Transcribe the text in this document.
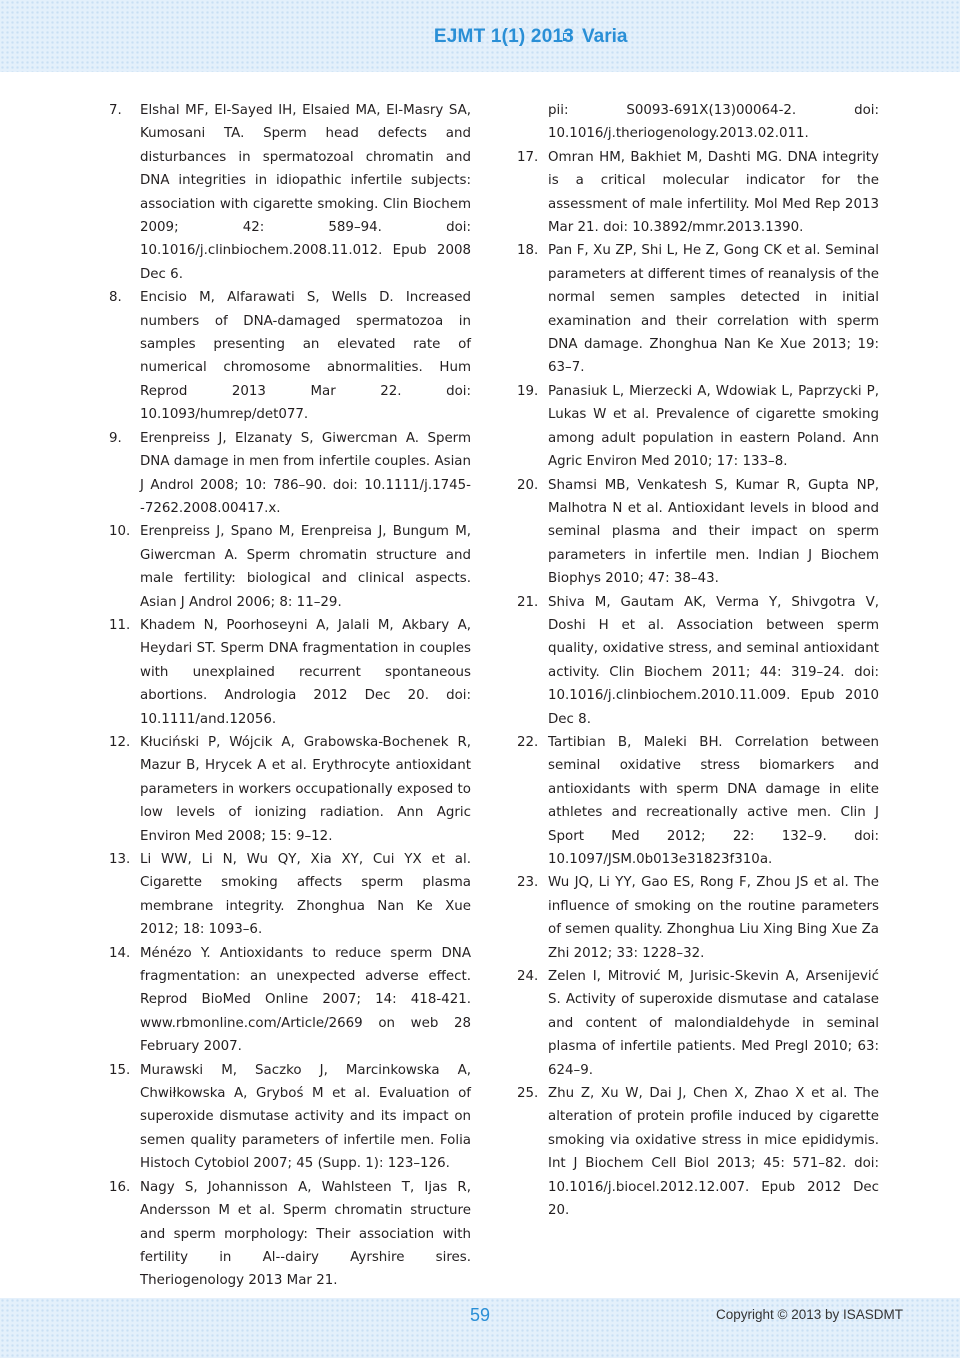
EJMT 1(1) 2013 Varia
7.	Elshal MF, El-Sayed IH, Elsaied MA, El-Masry SA, Kumosani TA. Sperm head defects and disturbances in spermatozoal chromatin and DNA integrities in idiopathic infertile subjects: association with cigarette smoking. Clin Biochem 2009; 42: 589–94. doi: 10.1016/j.clinbiochem.2008.11.012. Epub 2008 Dec 6.
8.	Encisio M, Alfarawati S, Wells D. Increased numbers of DNA-damaged spermatozoa in samples presenting an elevated rate of numerical chromosome abnormalities. Hum Reprod 2013 Mar 22. doi: 10.1093/humrep/det077.
9.	Erenpreiss J, Elzanaty S, Giwercman A. Sperm DNA damage in men from infertile couples. Asian J Androl 2008; 10: 786–90. doi: 10.1111/j.1745--7262.2008.00417.x.
10. Erenpreiss J, Spano M, Erenpreisa J, Bungum M, Giwercman A. Sperm chromatin structure and male fertility: biological and clinical aspects. Asian J Androl 2006; 8: 11–29.
11. Khadem N, Poorhoseyni A, Jalali M, Akbary A, Heydari ST. Sperm DNA fragmentation in couples with unexplained recurrent spontaneous abortions. Andrologia 2012 Dec 20. doi: 10.1111/and.12056.
12. Kłuciński P, Wójcik A, Grabowska-Bochenek R, Mazur B, Hrycek A et al. Erythrocyte antioxidant parameters in workers occupationally exposed to low levels of ionizing radiation. Ann Agric Environ Med 2008; 15: 9–12.
13. Li WW, Li N, Wu QY, Xia XY, Cui YX et al. Cigarette smoking affects sperm plasma membrane integrity. Zhonghua Nan Ke Xue 2012; 18: 1093–6.
14. Ménézo Y. Antioxidants to reduce sperm DNA fragmentation: an unexpected adverse effect. Reprod BioMed Online 2007; 14: 418-421. www.rbmonline.com/Article/2669 on web 28 February 2007.
15. Murawski M, Saczko J, Marcinkowska A, Chwiłkowska A, Gryboś M et al. Evaluation of superoxide dismutase activity and its impact on semen quality parameters of infertile men. Folia Histoch Cytobiol 2007; 45 (Supp. 1): 123–126.
16. Nagy S, Johannisson A, Wahlsteen T, Ijas R, Andersson M et al. Sperm chromatin structure and sperm morphology: Their association with fertility in Al--dairy Ayrshire sires. Theriogenology 2013 Mar 21.
pii: S0093-691X(13)00064-2. doi: 10.1016/j.theriogenology.2013.02.011.
17. Omran HM, Bakhiet M, Dashti MG. DNA integrity is a critical molecular indicator for the assessment of male infertility. Mol Med Rep 2013 Mar 21. doi: 10.3892/mmr.2013.1390.
18. Pan F, Xu ZP, Shi L, He Z, Gong CK et al. Seminal parameters at different times of reanalysis of the normal semen samples detected in initial examination and their correlation with sperm DNA damage. Zhonghua Nan Ke Xue 2013; 19: 63–7.
19. Panasiuk L, Mierzecki A, Wdowiak L, Paprzycki P, Lukas W et al. Prevalence of cigarette smoking among adult population in eastern Poland. Ann Agric Environ Med 2010; 17: 133–8.
20. Shamsi MB, Venkatesh S, Kumar R, Gupta NP, Malhotra N et al. Antioxidant levels in blood and seminal plasma and their impact on sperm parameters in infertile men. Indian J Biochem Biophys 2010; 47: 38–43.
21. Shiva M, Gautam AK, Verma Y, Shivgotra V, Doshi H et al. Association between sperm quality, oxidative stress, and seminal antioxidant activity. Clin Biochem 2011; 44: 319–24. doi: 10.1016/j.clinbiochem.2010.11.009. Epub 2010 Dec 8.
22. Tartibian B, Maleki BH. Correlation between seminal oxidative stress biomarkers and antioxidants with sperm DNA damage in elite athletes and recreationally active men. Clin J Sport Med 2012; 22: 132–9. doi: 10.1097/JSM.0b013e31823f310a.
23. Wu JQ, Li YY, Gao ES, Rong F, Zhou JS et al. The influence of smoking on the routine parameters of semen quality. Zhonghua Liu Xing Bing Xue Za Zhi 2012; 33: 1228–32.
24. Zelen I, Mitrović M, Jurisic-Skevin A, Arsenijević S. Activity of superoxide dismutase and catalase and content of malondialdehyde in seminal plasma of infertile patients. Med Pregl 2010; 63: 624–9.
25. Zhu Z, Xu W, Dai J, Chen X, Zhao X et al. The alteration of protein profile induced by cigarette smoking via oxidative stress in mice epididymis. Int J Biochem Cell Biol 2013; 45: 571–82. doi: 10.1016/j.biocel.2012.12.007. Epub 2012 Dec 20.
59	Copyright © 2013 by ISASDMT
